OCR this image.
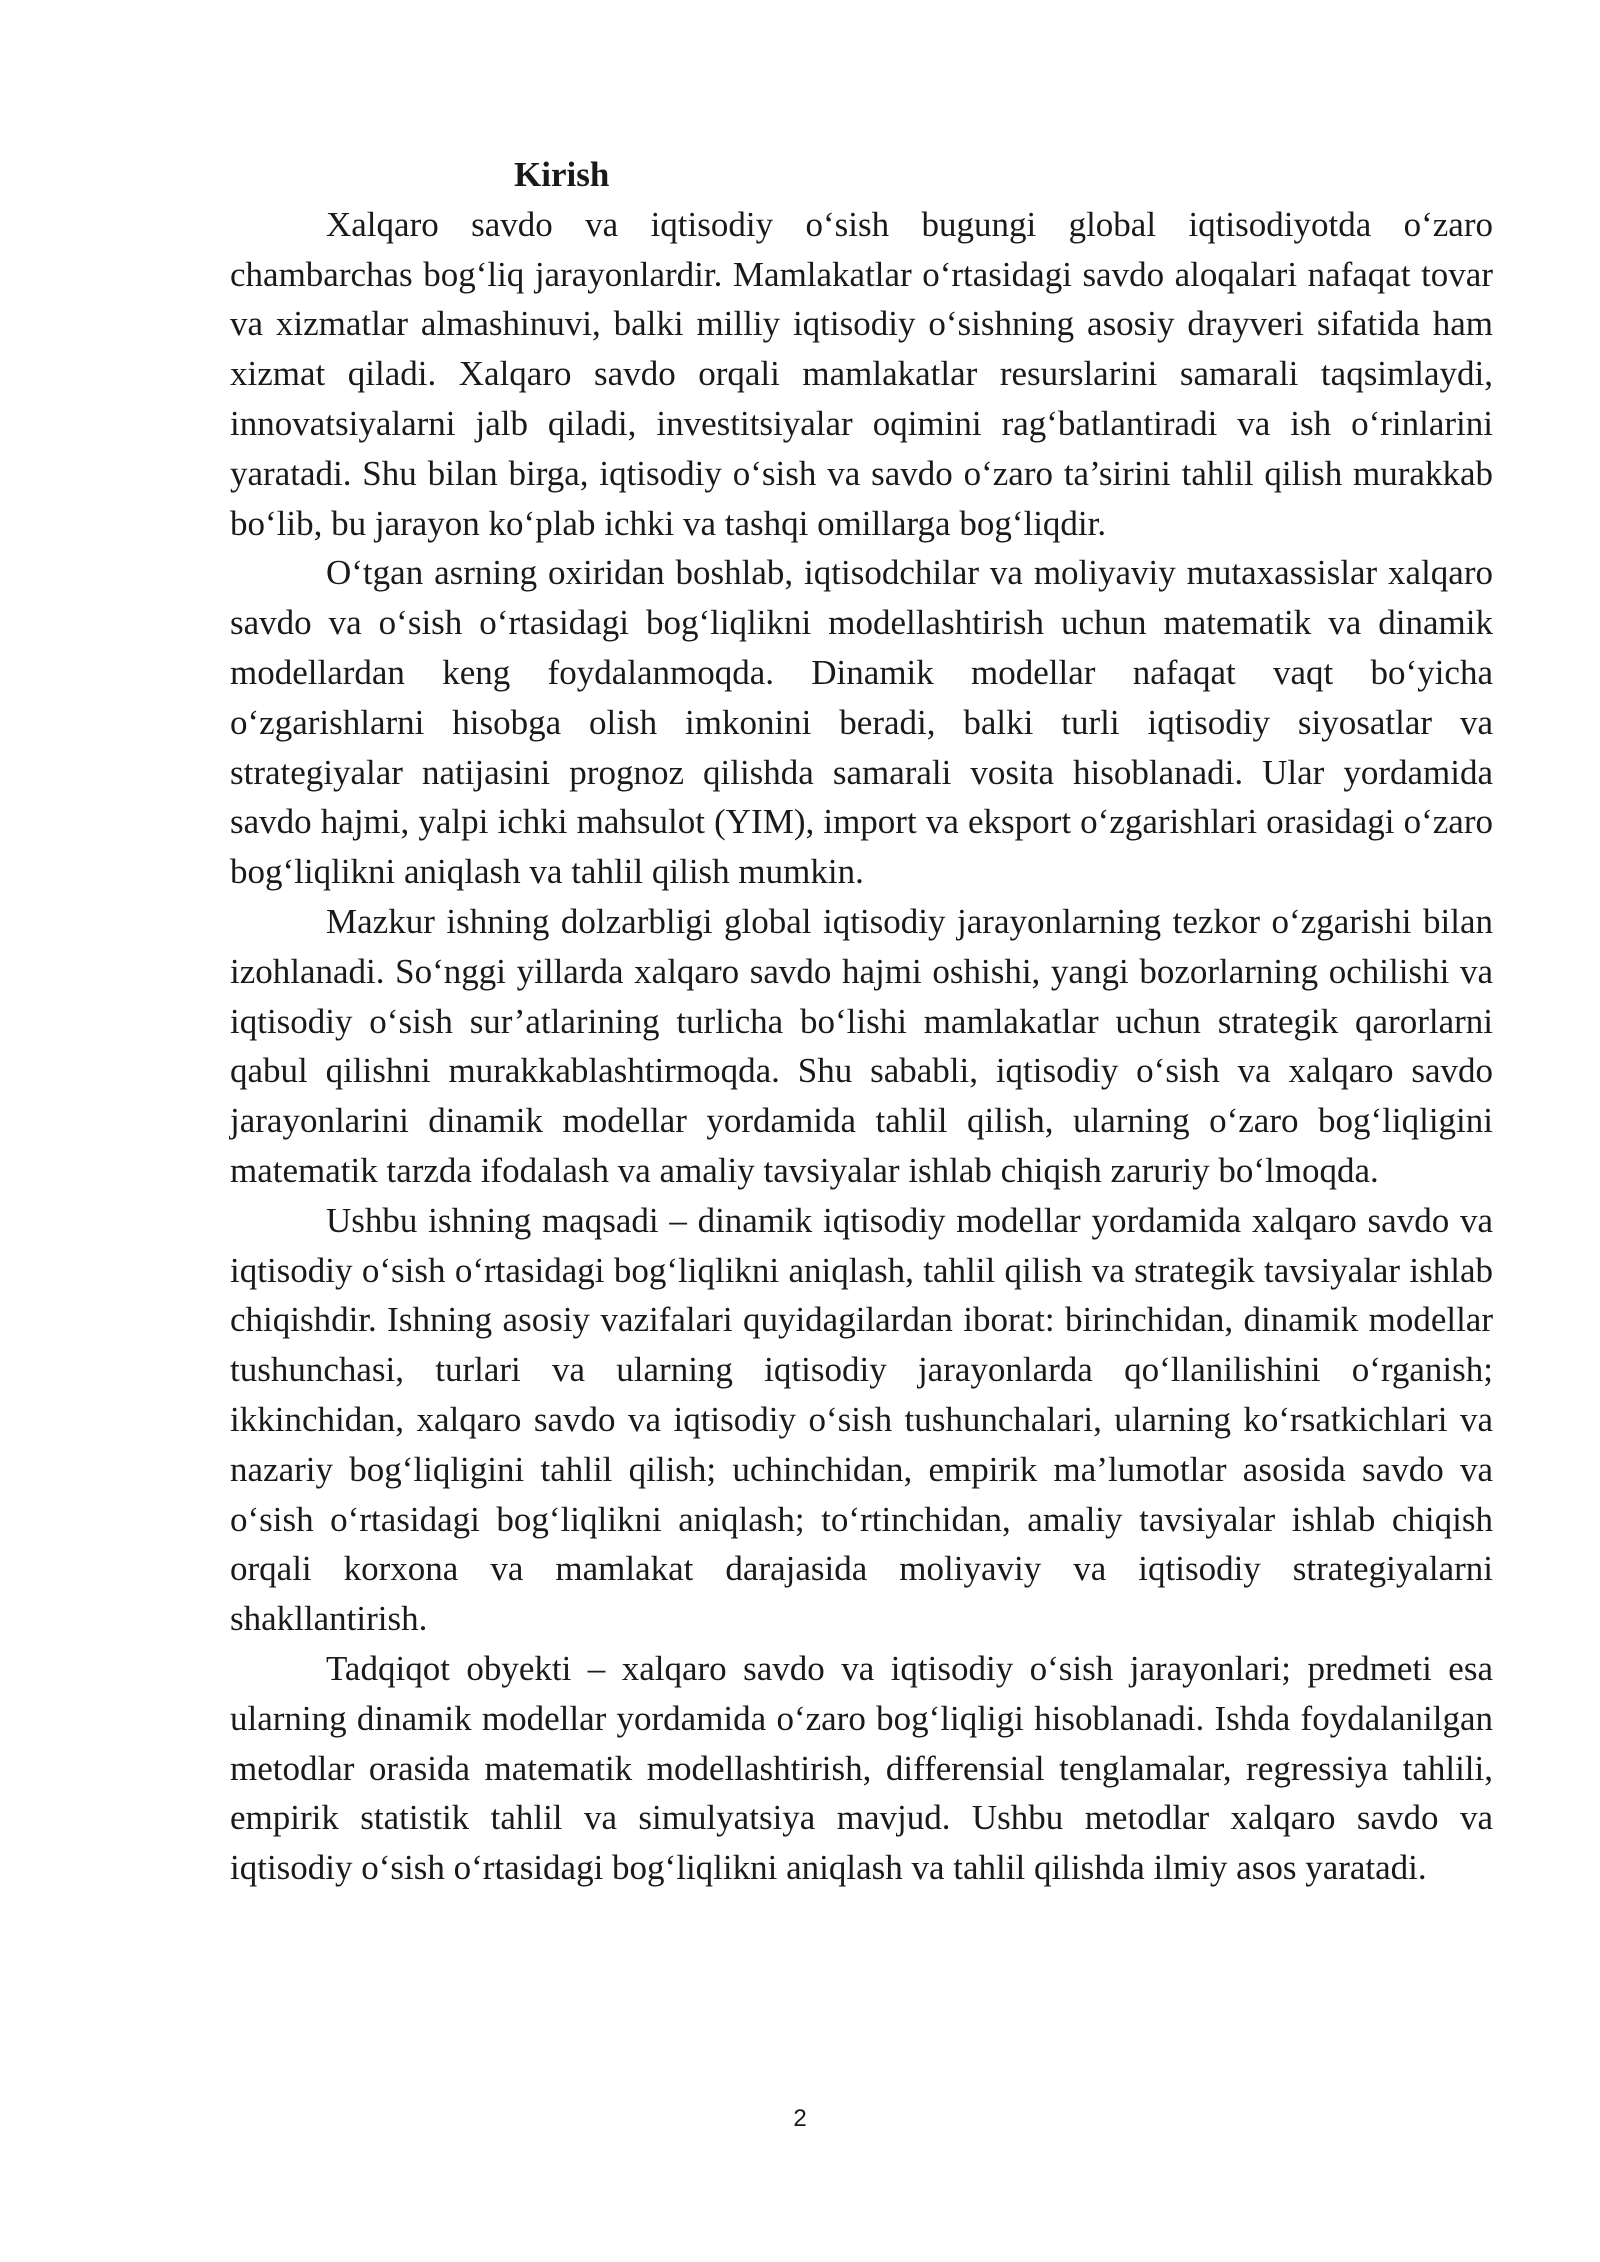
Kirish

Xalqaro savdo va iqtisodiy o‘sish bugungi global iqtisodiyotda o‘zaro chambarchas bog‘liq jarayonlardir. Mamlakatlar o‘rtasidagi savdo aloqalari nafaqat tovar va xizmatlar almashinuvi, balki milliy iqtisodiy o‘sishning asosiy drayveri sifatida ham xizmat qiladi. Xalqaro savdo orqali mamlakatlar resurslarini samarali taqsimlaydi, innovatsiyalarni jalb qiladi, investitsiyalar oqimini rag‘batlantiradi va ish o‘rinlarini yaratadi. Shu bilan birga, iqtisodiy o‘sish va savdo o‘zaro ta’sirini tahlil qilish murakkab bo‘lib, bu jarayon ko‘plab ichki va tashqi omillarga bog‘liqdir.

O‘tgan asrning oxiridan boshlab, iqtisodchilar va moliyaviy mutaxassislar xalqaro savdo va o‘sish o‘rtasidagi bog‘liqlikni modellashtirish uchun matematik va dinamik modellardan keng foydalanmoqda. Dinamik modellar nafaqat vaqt bo‘yicha o‘zgarishlarni hisobga olish imkonini beradi, balki turli iqtisodiy siyosatlar va strategiyalar natijasini prognoz qilishda samarali vosita hisoblanadi. Ular yordamida savdo hajmi, yalpi ichki mahsulot (YIM), import va eksport o‘zgarishlari orasidagi o‘zaro bog‘liqlikni aniqlash va tahlil qilish mumkin.

Mazkur ishning dolzarbligi global iqtisodiy jarayonlarning tezkor o‘zgarishi bilan izohlanadi. So‘nggi yillarda xalqaro savdo hajmi oshishi, yangi bozorlarning ochilishi va iqtisodiy o‘sish sur’atlarining turlicha bo‘lishi mamlakatlar uchun strategik qarorlarni qabul qilishni murakkablashtirmoqda. Shu sababli, iqtisodiy o‘sish va xalqaro savdo jarayonlarini dinamik modellar yordamida tahlil qilish, ularning o‘zaro bog‘liqligini matematik tarzda ifodalash va amaliy tavsiyalar ishlab chiqish zaruriy bo‘lmoqda.

Ushbu ishning maqsadi – dinamik iqtisodiy modellar yordamida xalqaro savdo va iqtisodiy o‘sish o‘rtasidagi bog‘liqlikni aniqlash, tahlil qilish va strategik tavsiyalar ishlab chiqishdir. Ishning asosiy vazifalari quyidagilardan iborat: birinchidan, dinamik modellar tushunchasi, turlari va ularning iqtisodiy jarayonlarda qo‘llanilishini o‘rganish; ikkinchidan, xalqaro savdo va iqtisodiy o‘sish tushunchalari, ularning ko‘rsatkichlari va nazariy bog‘liqligini tahlil qilish; uchinchidan, empirik ma’lumotlar asosida savdo va o‘sish o‘rtasidagi bog‘liqlikni aniqlash; to‘rtinchidan, amaliy tavsiyalar ishlab chiqish orqali korxona va mamlakat darajasida moliyaviy va iqtisodiy strategiyalarni shakllantirish.

Tadqiqot obyekti – xalqaro savdo va iqtisodiy o‘sish jarayonlari; predmeti esa ularning dinamik modellar yordamida o‘zaro bog‘liqligi hisoblanadi. Ishda foydalanilgan metodlar orasida matematik modellashtirish, differensial tenglamalar, regressiya tahlili, empirik statistik tahlil va simulyatsiya mavjud. Ushbu metodlar xalqaro savdo va iqtisodiy o‘sish o‘rtasidagi bog‘liqlikni aniqlash va tahlil qilishda ilmiy asos yaratadi.

2
